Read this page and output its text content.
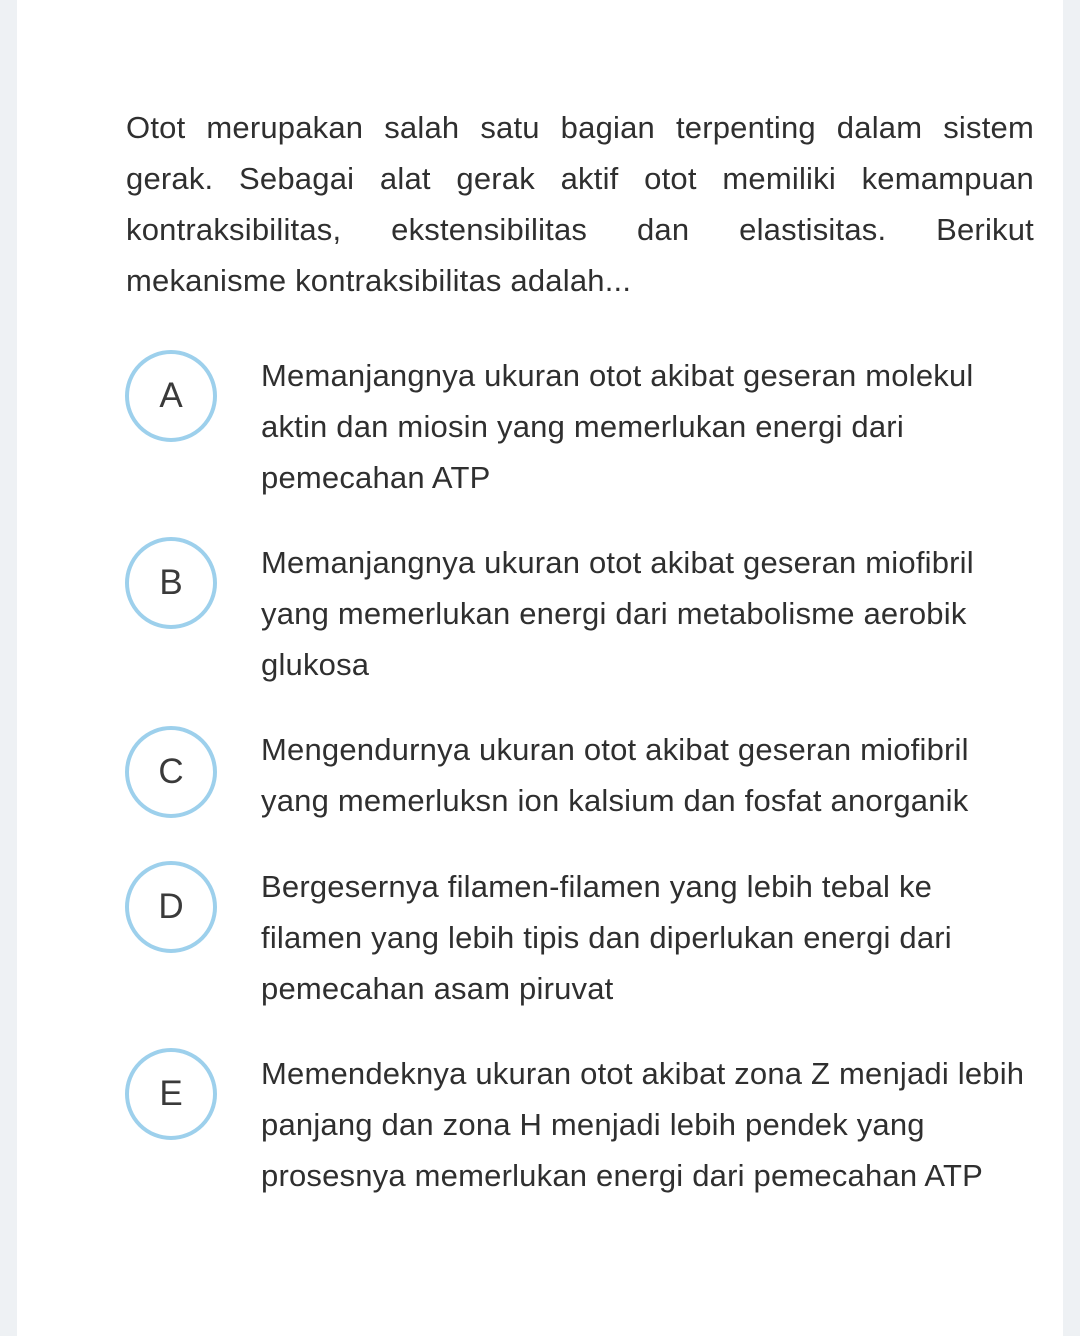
Otot merupakan salah satu bagian terpenting dalam sistem gerak. Sebagai alat gerak aktif otot memiliki kemampuan kontraksibilitas, ekstensibilitas dan elastisitas. Berikut mekanisme kontraksibilitas adalah...

A
Memanjangnya ukuran otot akibat geseran molekul aktin dan miosin yang memerlukan energi dari pemecahan ATP
B
Memanjangnya ukuran otot akibat geseran miofibril yang memerlukan energi dari metabolisme aerobik glukosa
C
Mengendurnya ukuran otot akibat geseran miofibril yang memerluksn ion kalsium dan fosfat anorganik
D
Bergesernya filamen-filamen yang lebih tebal ke filamen yang lebih tipis dan diperlukan energi dari pemecahan asam piruvat
E
Memendeknya ukuran otot akibat zona Z menjadi lebih panjang dan zona H menjadi lebih pendek yang prosesnya memerlukan energi dari pemecahan ATP
